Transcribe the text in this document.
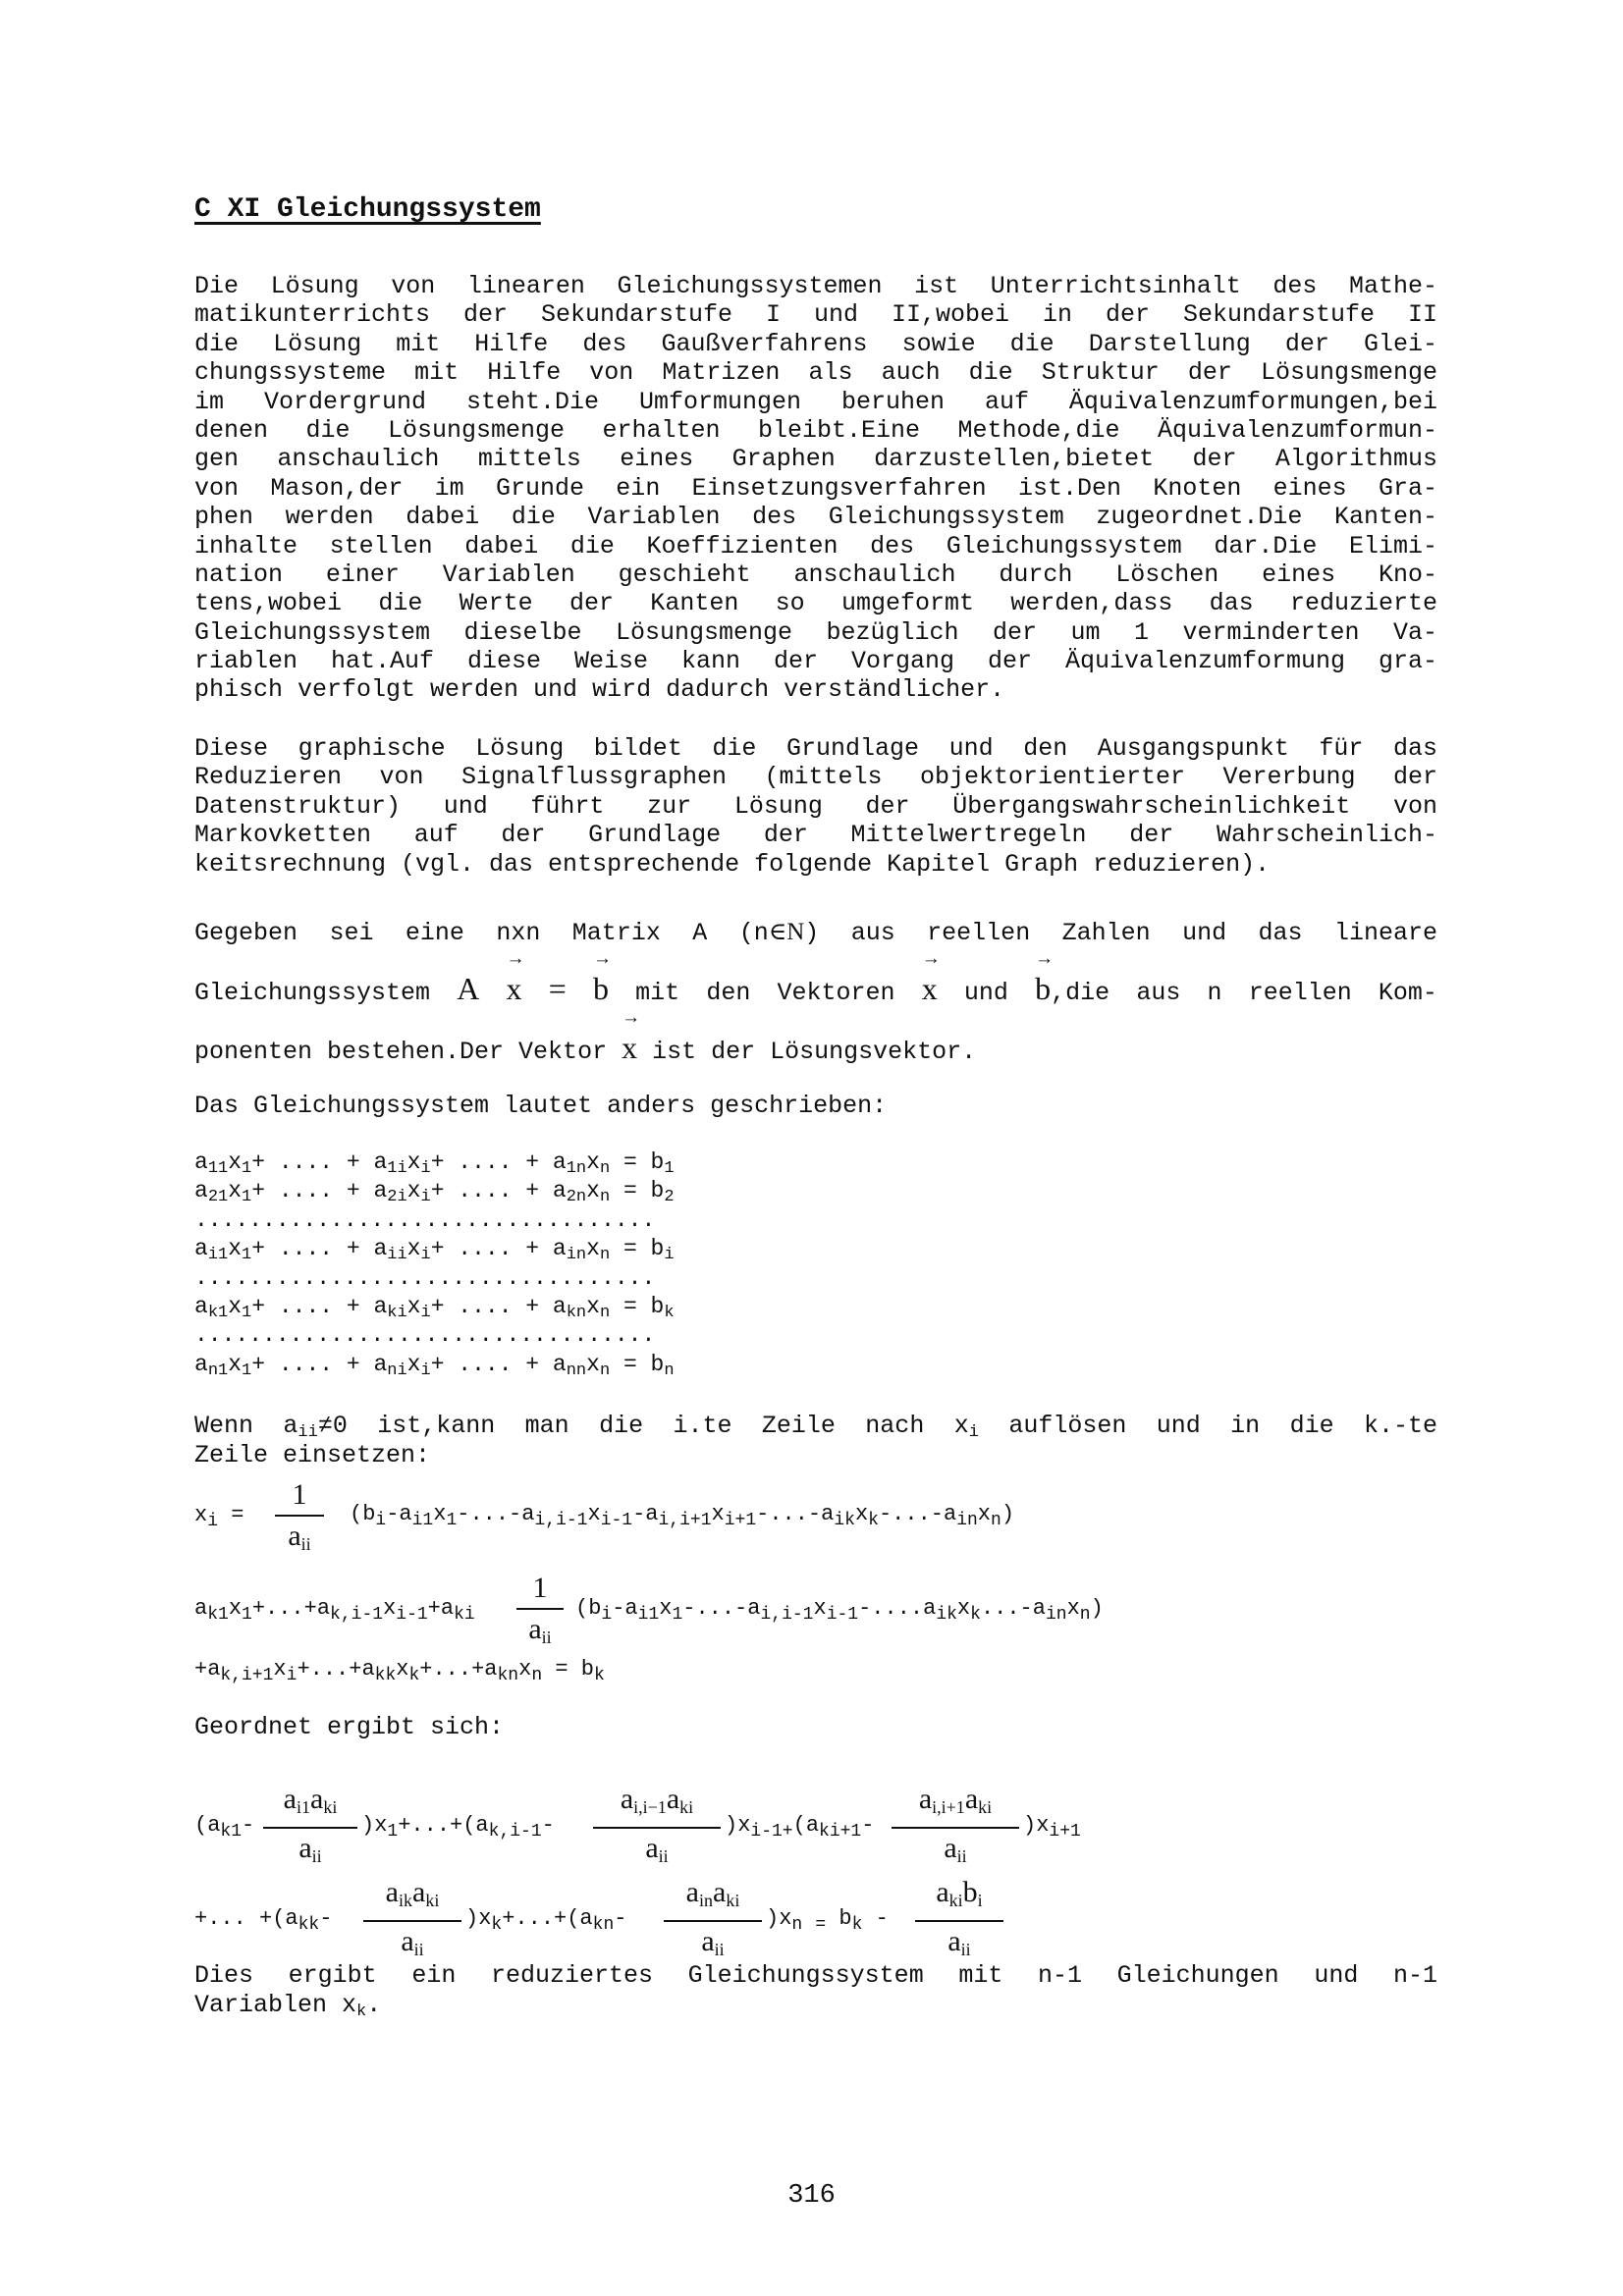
C XI Gleichungssystem
Die Lösung von linearen Gleichungssystemen ist Unterrichtsinhalt des Mathe-
matikunterrichts der Sekundarstufe I und II,wobei in der Sekundarstufe II
die Lösung mit Hilfe des Gaußverfahrens sowie die Darstellung der Glei-
chungssysteme mit Hilfe von Matrizen als auch die Struktur der Lösungsmenge
im Vordergrund steht.Die Umformungen beruhen auf Äquivalenzumformungen,bei
denen die Lösungsmenge erhalten bleibt.Eine Methode,die Äquivalenzumformun-
gen anschaulich mittels eines Graphen darzustellen,bietet der Algorithmus
von Mason,der im Grunde ein Einsetzungsverfahren ist.Den Knoten eines Gra-
phen werden dabei die Variablen des Gleichungssystem zugeordnet.Die Kanten-
inhalte stellen dabei die Koeffizienten des Gleichungssystem dar.Die Elimi-
nation einer Variablen geschieht anschaulich durch Löschen eines Kno-
tens,wobei die Werte der Kanten so umgeformt werden,dass das reduzierte
Gleichungssystem dieselbe Lösungsmenge bezüglich der um 1 verminderten Va-
riablen hat.Auf diese Weise kann der Vorgang der Äquivalenzumformung gra-
phisch verfolgt werden und wird dadurch verständlicher.
Diese graphische Lösung bildet die Grundlage und den Ausgangspunkt für das
Reduzieren von Signalflussgraphen (mittels objektorientierter Vererbung der
Datenstruktur) und führt zur Lösung der Übergangswahrscheinlichkeit von
Markovketten auf der Grundlage der Mittelwertregeln der Wahrscheinlich-
keitsrechnung (vgl. das entsprechende folgende Kapitel Graph reduzieren).
Gegeben sei eine nxn Matrix A (n∈N) aus reellen Zahlen und das lineare
Gleichungssystem A
→
x =
→
b mit den Vektoren
→
x und
→
b,die aus n reellen Kom-
ponenten bestehen.Der Vektor
→
x ist der Lösungsvektor.
Das Gleichungssystem lautet anders geschrieben:
$a_{11}x_1+$ .... + $a_{1i}x_i+$ .... + $a_{1n}x_n = b_1$
$a_{21}x_1+$ .... + $a_{2i}x_i+$ .... + $a_{2n}x_n = b_2$
..................................
$a_{i1}x_1+$ .... + $a_{ii}x_i+$ .... + $a_{in}x_n = b_i$
..................................
$a_{k1}x_1+$ .... + $a_{ki}x_i+$ .... + $a_{kn}x_n = b_k$
..................................
$a_{n1}x_1+$ .... + $a_{ni}x_i+$ .... + $a_{nn}x_n = b_n$
Wenn $a_{ii}\ne 0$ ist,kann man die i.te Zeile nach $x_i$ auflösen und in die k.-te
Zeile einsetzen:
$x_i$ =
1
aii
$(b_i-a_{i1}x_1-...-a_{i,i-1}x_{i-1}-a_{i,i+1}x_{i+1}-...-a_{ik}x_k-...-a_{in}x_n)$
$a_{k1}x_1+...+a_{k,i-1}x_{i-1}+a_{ki}$
1
aii
$(b_i-a_{i1}x_1-...-a_{i,i-1}x_{i-1}-....a_{ik}x_k...-a_{in}x_n)$
$+a_{k,i+1}x_i+...+a_{kk}x_k+...+a_{kn}x_n = b_k$
Geordnet ergibt sich:
($a_{k1}-$
ai1aki
aii
)$x_1+...+(a_{k,i-1}-$
ai,i−1aki
aii
)$x_{i-1+}(a_{ki+1}-$
ai,i+1aki
aii
)$x_{i+1}$
+... $+(a_{kk}-$
aikaki
aii
)$x_k+...+(a_{kn}-$
ainaki
aii
)$x_n$ $_=$ $b_k$ -
akibi
aii
Dies ergibt ein reduziertes Gleichungssystem mit n-1 Gleichungen und n-1
Variablen $x_k$.
316
